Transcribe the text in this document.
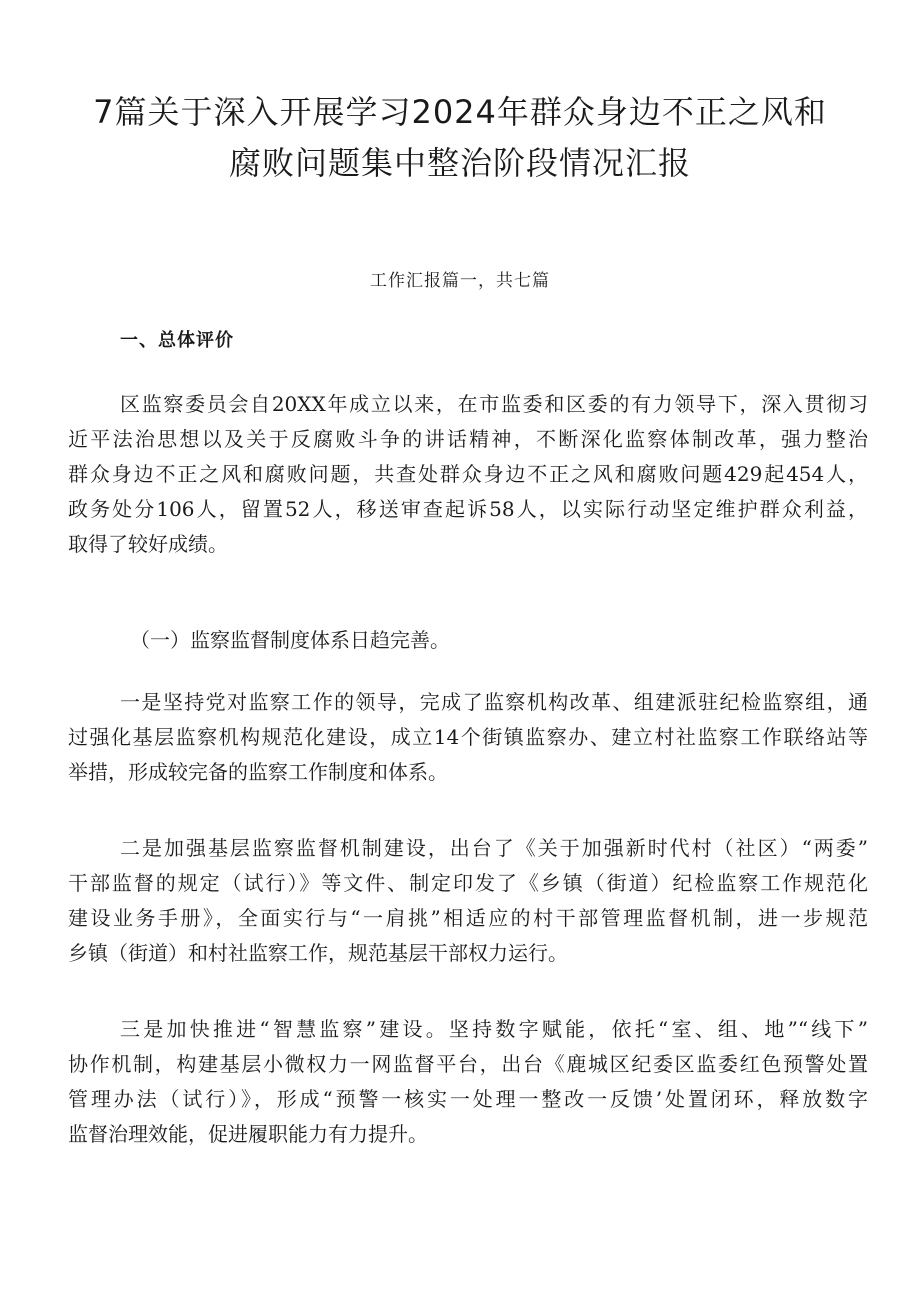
7篇关于深入开展学习2024年群众身边不正之风和
腐败问题集中整治阶段情况汇报
工作汇报篇一，共七篇
一、总体评价
区监察委员会自20XX年成立以来，在市监委和区委的有力领导下，深入贯彻习
近平法治思想以及关于反腐败斗争的讲话精神，不断深化监察体制改革，强力整治
群众身边不正之风和腐败问题，共查处群众身边不正之风和腐败问题429起454人，
政务处分106人，留置52人，移送审查起诉58人，以实际行动坚定维护群众利益，
取得了较好成绩。
（一）监察监督制度体系日趋完善。
一是坚持党对监察工作的领导，完成了监察机构改革、组建派驻纪检监察组，通
过强化基层监察机构规范化建设，成立14个街镇监察办、建立村社监察工作联络站等
举措，形成较完备的监察工作制度和体系。
二是加强基层监察监督机制建设，出台了《关于加强新时代村（社区）“两委”
干部监督的规定（试行）》等文件、制定印发了《乡镇（街道）纪检监察工作规范化
建设业务手册》，全面实行与“一肩挑”相适应的村干部管理监督机制，进一步规范
乡镇（街道）和村社监察工作，规范基层干部权力运行。
三是加快推进“智慧监察”建设。坚持数字赋能，依托“室、组、地”“线下”
协作机制，构建基层小微权力一网监督平台，出台《鹿城区纪委区监委红色预警处置
管理办法（试行）》，形成“预警一核实一处理一整改一反馈’处置闭环，释放数字
监督治理效能，促进履职能力有力提升。
